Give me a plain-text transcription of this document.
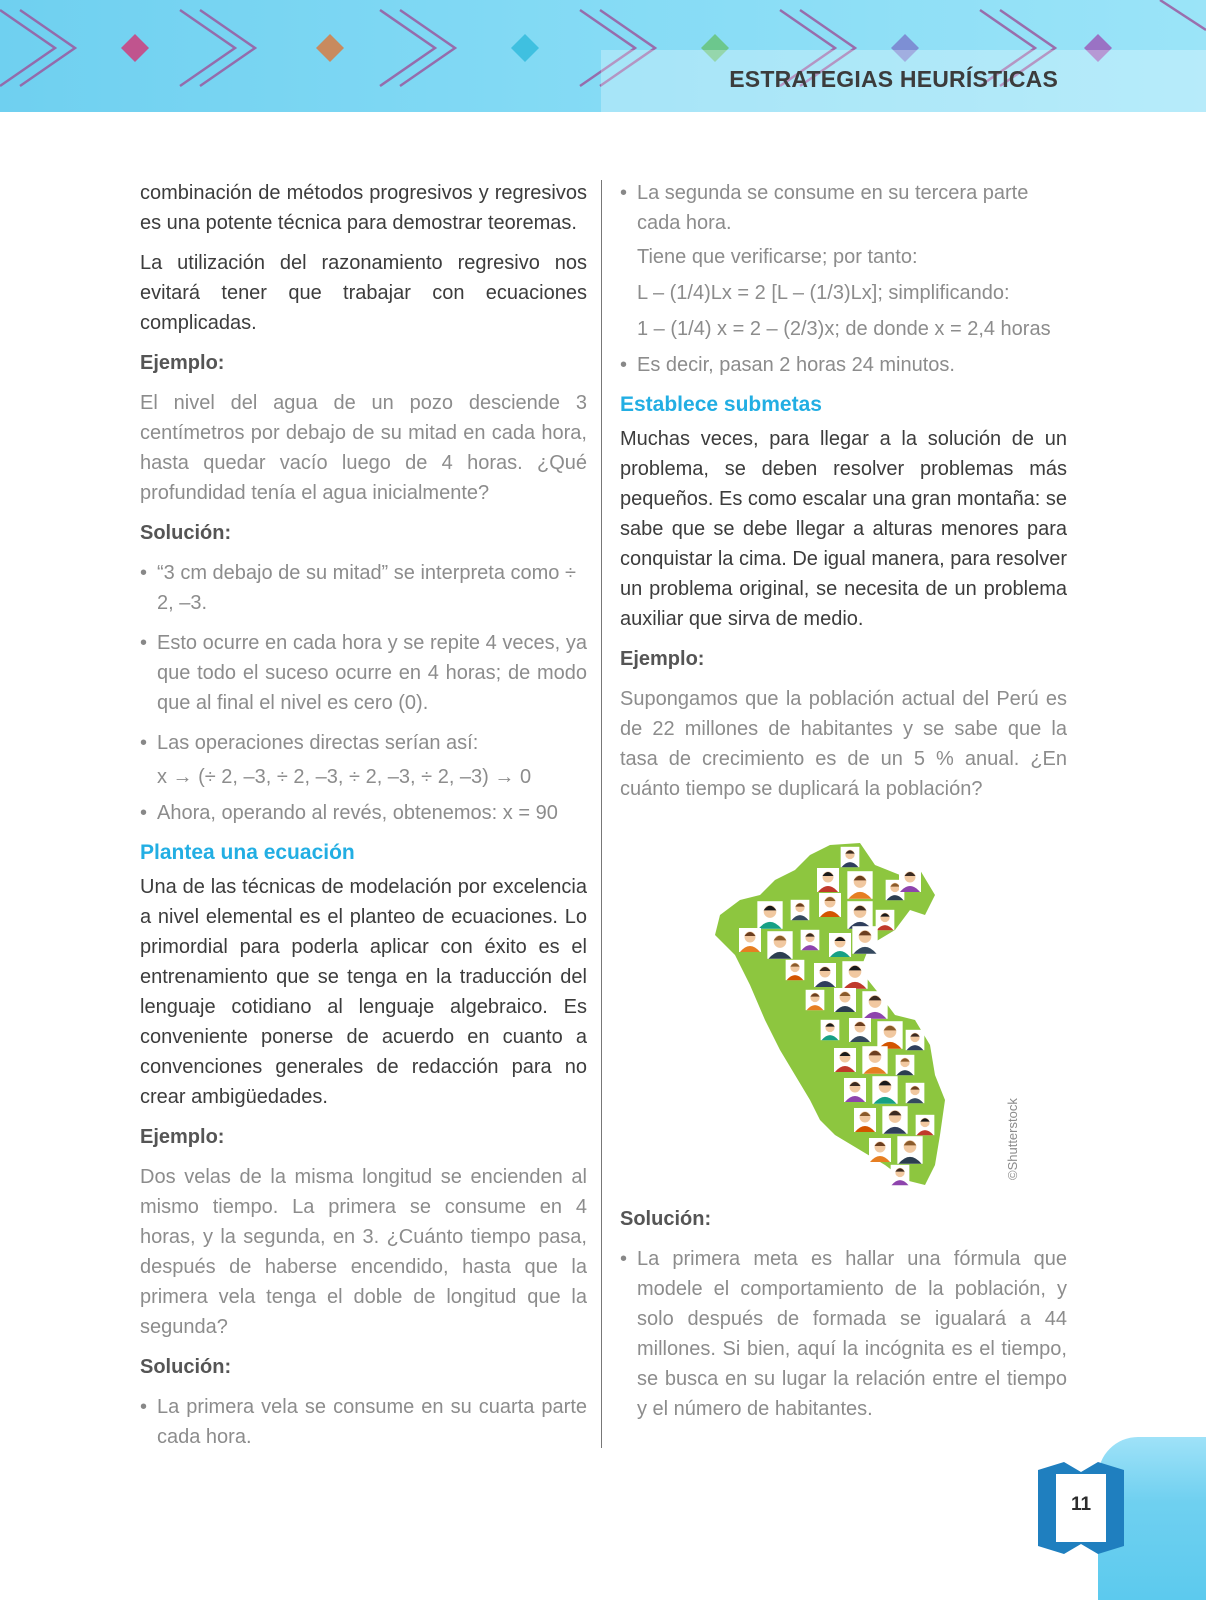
ESTRATEGIAS HEURÍSTICAS

combinación de métodos progresivos y regresivos es una potente técnica para demostrar teoremas.

La utilización del razonamiento regresivo nos evitará tener que trabajar con ecuaciones complicadas.

Ejemplo:

El nivel del agua de un pozo desciende 3 centímetros por debajo de su mitad en cada hora, hasta quedar vacío luego de 4 horas. ¿Qué profundidad tenía el agua inicialmente?

Solución:

• “3 cm debajo de su mitad” se interpreta como ÷ 2, –3.

• Esto ocurre en cada hora y se repite 4 veces, ya que todo el suceso ocurre en 4 horas; de modo que al final el nivel es cero (0).

• Las operaciones directas serían así:

x → (÷ 2, –3, ÷ 2, –3, ÷ 2, –3, ÷ 2, –3) → 0

• Ahora, operando al revés, obtenemos: x = 90

Plantea una ecuación

Una de las técnicas de modelación por excelencia a nivel elemental es el planteo de ecuaciones. Lo primordial para poderla aplicar con éxito es el entrenamiento que se tenga en la traducción del lenguaje cotidiano al lenguaje algebraico. Es conveniente ponerse de acuerdo en cuanto a convenciones generales de redacción para no crear ambigüedades.

Ejemplo:

Dos velas de la misma longitud se encienden al mismo tiempo. La primera se consume en 4 horas, y la segunda, en 3. ¿Cuánto tiempo pasa, después de haberse encendido, hasta que la primera vela tenga el doble de longitud que la segunda?

Solución:

• La primera vela se consume en su cuarta parte cada hora.

• La segunda se consume en su tercera parte cada hora.

Tiene que verificarse; por tanto:

L – (1/4)Lx = 2 [L – (1/3)Lx]; simplificando:

1 – (1/4) x = 2 – (2/3)x; de donde x = 2,4 horas

• Es decir, pasan 2 horas 24 minutos.

Establece submetas

Muchas veces, para llegar a la solución de un problema, se deben resolver problemas más pequeños. Es como escalar una gran montaña: se sabe que se debe llegar a alturas menores para conquistar la cima. De igual manera, para resolver un problema original, se necesita de un problema auxiliar que sirva de medio.

Ejemplo:

Supongamos que la población actual del Perú es de 22 millones de habitantes y se sabe que la tasa de crecimiento es de un 5 % anual. ¿En cuánto tiempo se duplicará la población?

©Shutterstock
Solución:

• La primera meta es hallar una fórmula que modele el comportamiento de la población, y solo después de formada se igualará a 44 millones. Si bien, aquí la incógnita es el tiempo, se busca en su lugar la relación entre el tiempo y el número de habitantes.

11
